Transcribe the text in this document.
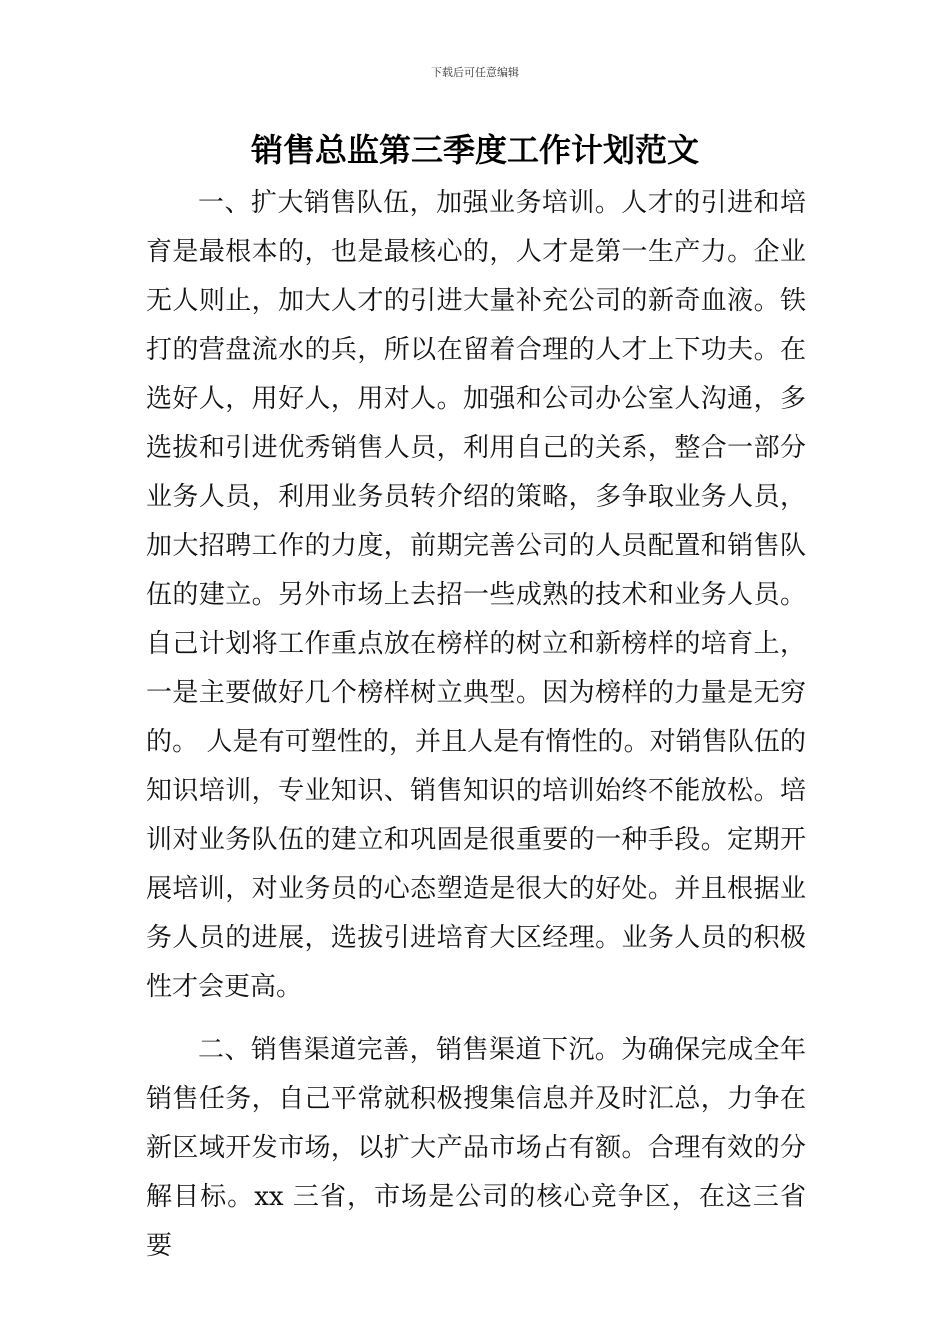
下载后可任意编辑
销售总监第三季度工作计划范文

一、扩大销售队伍，加强业务培训。人才的引进和培育是最根本的，也是最核心的，人才是第一生产力。企业无人则止，加大人才的引进大量补充公司的新奇血液。铁打的营盘流水的兵，所以在留着合理的人才上下功夫。在选好人，用好人，用对人。加强和公司办公室人沟通，多选拔和引进优秀销售人员，利用自己的关系，整合一部分业务人员，利用业务员转介绍的策略，多争取业务人员，加大招聘工作的力度，前期完善公司的人员配置和销售队伍的建立。另外市场上去招一些成熟的技术和业务人员。自己计划将工作重点放在榜样的树立和新榜样的培育上，一是主要做好几个榜样树立典型。因为榜样的力量是无穷的。 人是有可塑性的，并且人是有惰性的。对销售队伍的知识培训，专业知识、销售知识的培训始终不能放松。培训对业务队伍的建立和巩固是很重要的一种手段。定期开展培训，对业务员的心态塑造是很大的好处。并且根据业务人员的进展，选拔引进培育大区经理。业务人员的积极性才会更高。

二、销售渠道完善，销售渠道下沉。为确保完成全年销售任务，自己平常就积极搜集信息并及时汇总，力争在新区域开发市场，以扩大产品市场占有额。合理有效的分解目标。xx 三省，市场是公司的核心竞争区，在这三省要
